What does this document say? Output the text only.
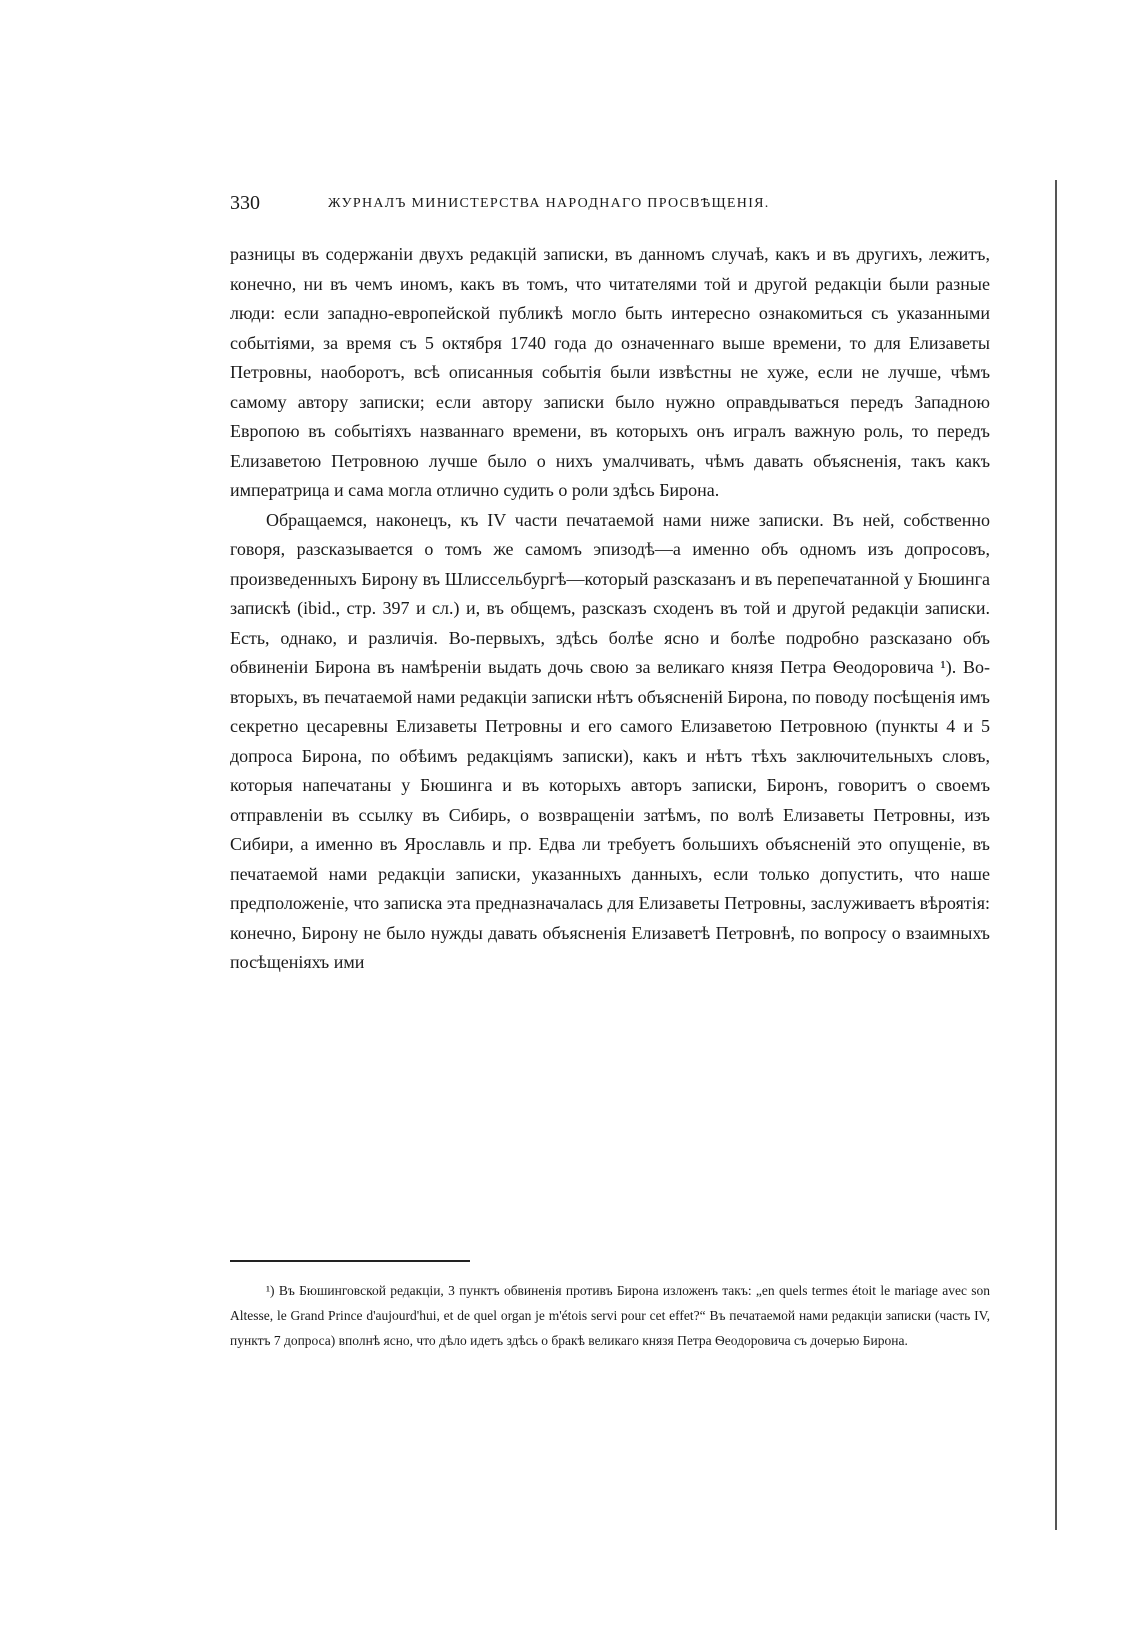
330	ЖУРНАЛЪ МИНИСТЕРСТВА НАРОДНАГО ПРОСВѢЩЕНІЯ.

разницы въ содержаніи двухъ редакцій записки, въ данномъ случаѣ, какъ и въ другихъ, лежитъ, конечно, ни въ чемъ иномъ, какъ въ томъ, что читателями той и другой редакціи были разные люди: если западно-европейской публикѣ могло быть интересно ознакомиться съ указанными событіями, за время съ 5 октября 1740 года до означеннаго выше времени, то для Елизаветы Петровны, наоборотъ, всѣ описанныя событія были извѣстны не хуже, если не лучше, чѣмъ самому автору записки; если автору записки было нужно оправдываться передъ Западною Европою въ событіяхъ названнаго времени, въ которыхъ онъ игралъ важную роль, то передъ Елизаветою Петровною лучше было о нихъ умалчивать, чѣмъ давать объясненія, такъ какъ императрица и сама могла отлично судить о роли здѣсь Бирона.

Обращаемся, наконецъ, къ IV части печатаемой нами ниже записки. Въ ней, собственно говоря, разсказывается о томъ же самомъ эпизодѣ—а именно объ одномъ изъ допросовъ, произведенныхъ Бирону въ Шлиссельбургѣ—который разсказанъ и въ перепечатанной у Бюшинга запискѣ (ibid., стр. 397 и сл.) и, въ общемъ, разсказъ сходенъ въ той и другой редакціи записки. Есть, однако, и различія. Во-первыхъ, здѣсь болѣе ясно и болѣе подробно разсказано объ обвиненіи Бирона въ намѣреніи выдать дочь свою за великаго князя Петра Ѳеодоровича ¹). Во-вторыхъ, въ печатаемой нами редакціи записки нѣтъ объясненій Бирона, по поводу посѣщенія имъ секретно цесаревны Елизаветы Петровны и его самого Елизаветою Петровною (пункты 4 и 5 допроса Бирона, по обѣимъ редакціямъ записки), какъ и нѣтъ тѣхъ заключительныхъ словъ, которыя напечатаны у Бюшинга и въ которыхъ авторъ записки, Биронъ, говоритъ о своемъ отправленіи въ ссылку въ Сибирь, о возвращеніи затѣмъ, по волѣ Елизаветы Петровны, изъ Сибири, а именно въ Ярославль и пр. Едва ли требуетъ большихъ объясненій это опущеніе, въ печатаемой нами редакціи записки, указанныхъ данныхъ, если только допустить, что наше предположеніе, что записка эта предназначалась для Елизаветы Петровны, заслуживаетъ вѣроятія: конечно, Бирону не было нужды давать объясненія Елизаветѣ Петровнѣ, по вопросу о взаимныхъ посѣщеніяхъ ими

¹) Въ Бюшинговской редакціи, 3 пунктъ обвиненія противъ Бирона изложенъ такъ: „en quels termes étoit le mariage avec son Altesse, le Grand Prince d'aujourd'hui, et de quel organ je m'étois servi pour cet effet?“ Въ печатаемой нами редакціи записки (часть IV, пунктъ 7 допроса) вполнѣ ясно, что дѣло идетъ здѣсь о бракѣ великаго князя Петра Ѳеодоровича съ дочерью Бирона.
